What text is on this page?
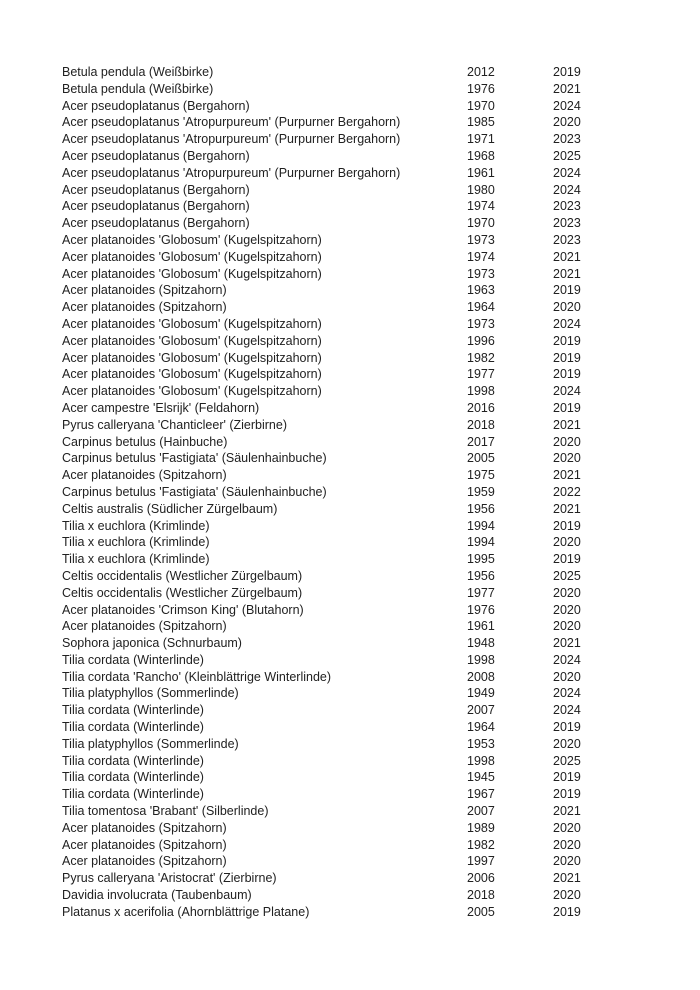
Betula pendula (Weißbirke)	2012	2019
Betula pendula (Weißbirke)	1976	2021
Acer pseudoplatanus (Bergahorn)	1970	2024
Acer pseudoplatanus 'Atropurpureum' (Purpurner Bergahorn)	1985	2020
Acer pseudoplatanus 'Atropurpureum' (Purpurner Bergahorn)	1971	2023
Acer pseudoplatanus (Bergahorn)	1968	2025
Acer pseudoplatanus 'Atropurpureum' (Purpurner Bergahorn)	1961	2024
Acer pseudoplatanus (Bergahorn)	1980	2024
Acer pseudoplatanus (Bergahorn)	1974	2023
Acer pseudoplatanus (Bergahorn)	1970	2023
Acer platanoides 'Globosum' (Kugelspitzahorn)	1973	2023
Acer platanoides 'Globosum' (Kugelspitzahorn)	1974	2021
Acer platanoides 'Globosum' (Kugelspitzahorn)	1973	2021
Acer platanoides (Spitzahorn)	1963	2019
Acer platanoides (Spitzahorn)	1964	2020
Acer platanoides 'Globosum' (Kugelspitzahorn)	1973	2024
Acer platanoides 'Globosum' (Kugelspitzahorn)	1996	2019
Acer platanoides 'Globosum' (Kugelspitzahorn)	1982	2019
Acer platanoides 'Globosum' (Kugelspitzahorn)	1977	2019
Acer platanoides 'Globosum' (Kugelspitzahorn)	1998	2024
Acer campestre 'Elsrijk' (Feldahorn)	2016	2019
Pyrus calleryana 'Chanticleer' (Zierbirne)	2018	2021
Carpinus betulus (Hainbuche)	2017	2020
Carpinus betulus 'Fastigiata' (Säulenhainbuche)	2005	2020
Acer platanoides (Spitzahorn)	1975	2021
Carpinus betulus 'Fastigiata' (Säulenhainbuche)	1959	2022
Celtis australis (Südlicher Zürgelbaum)	1956	2021
Tilia x euchlora (Krimlinde)	1994	2019
Tilia x euchlora (Krimlinde)	1994	2020
Tilia x euchlora (Krimlinde)	1995	2019
Celtis occidentalis (Westlicher Zürgelbaum)	1956	2025
Celtis occidentalis (Westlicher Zürgelbaum)	1977	2020
Acer platanoides 'Crimson King' (Blutahorn)	1976	2020
Acer platanoides (Spitzahorn)	1961	2020
Sophora japonica (Schnurbaum)	1948	2021
Tilia cordata (Winterlinde)	1998	2024
Tilia cordata 'Rancho' (Kleinblättrige Winterlinde)	2008	2020
Tilia platyphyllos (Sommerlinde)	1949	2024
Tilia cordata (Winterlinde)	2007	2024
Tilia cordata (Winterlinde)	1964	2019
Tilia platyphyllos (Sommerlinde)	1953	2020
Tilia cordata (Winterlinde)	1998	2025
Tilia cordata (Winterlinde)	1945	2019
Tilia cordata (Winterlinde)	1967	2019
Tilia tomentosa 'Brabant' (Silberlinde)	2007	2021
Acer platanoides (Spitzahorn)	1989	2020
Acer platanoides (Spitzahorn)	1982	2020
Acer platanoides (Spitzahorn)	1997	2020
Pyrus calleryana 'Aristocrat' (Zierbirne)	2006	2021
Davidia involucrata (Taubenbaum)	2018	2020
Platanus x acerifolia (Ahornblättrige Platane)	2005	2019
